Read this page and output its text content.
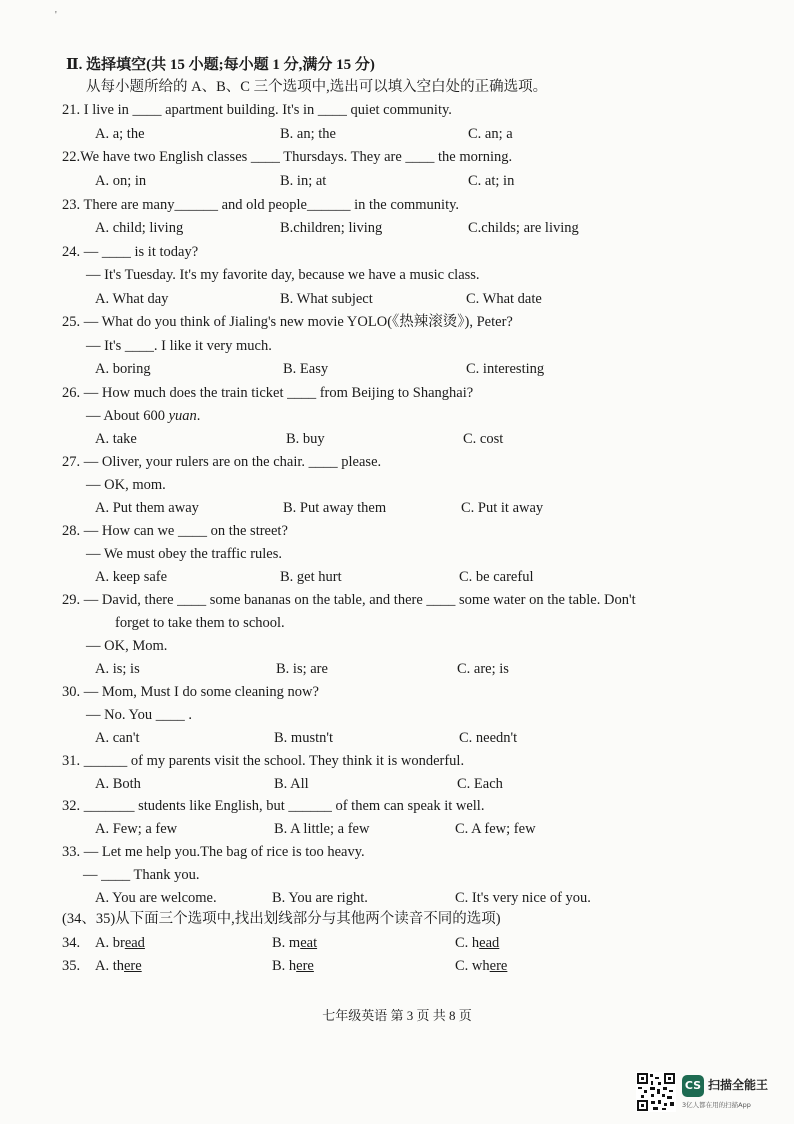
'
Ⅱ. 选择填空(共 15 小题;每小题 1 分,满分 15 分)
从每小题所给的 A、B、C 三个选项中,选出可以填入空白处的正确选项。
21. I live in ____ apartment building. It's in ____ quiet community.
A. a; the	B. an; the	C. an; a
22.We have two English classes ____ Thursdays. They are ____ the morning.
A. on; in	B. in; at	C. at; in
23. There are many______ and old people______ in the community.
A. child; living	B.children; living	C.childs; are living
24. — ____ is it today?
— It's Tuesday. It's my favorite day, because we have a music class.
A. What day	B. What subject	C. What date
25. — What do you think of Jialing's new movie YOLO(《热辣滚烫》), Peter?
— It's ____. I like it very much.
A. boring	B. Easy	C. interesting
26. — How much does the train ticket ____ from Beijing to Shanghai?
— About 600 yuan.
A. take	B. buy	C. cost
27. — Oliver, your rulers are on the chair. ____ please.
— OK, mom.
A. Put them away	B. Put away them	C. Put it away
28. — How can we ____ on the street?
— We must obey the traffic rules.
A. keep safe	B. get hurt	C. be careful
29. — David, there ____ some bananas on the table, and there ____ some water on the table. Don't
forget to take them to school.
— OK, Mom.
A. is; is	B. is; are	C. are; is
30. — Mom, Must I do some cleaning now?
— No. You ____ .
A. can't	B. mustn't	C. needn't
31. ______ of my parents visit the school. They think it is wonderful.
A. Both	B. All	C. Each
32. _______ students like English, but ______ of them can speak it well.
A. Few; a few	B. A little; a few	C. A few; few
33. — Let me help you.The bag of rice is too heavy.
— ____ Thank you.
A. You are welcome.	B. You are right.	C. It's very nice of you.
(34、35)从下面三个选项中,找出划线部分与其他两个读音不同的选项)
34. A. bread	B. meat	C. head
35. A. there	B. here	C. where
七年级英语 第 3 页 共 8 页
CS 扫描全能王
3亿人都在用的扫描App
